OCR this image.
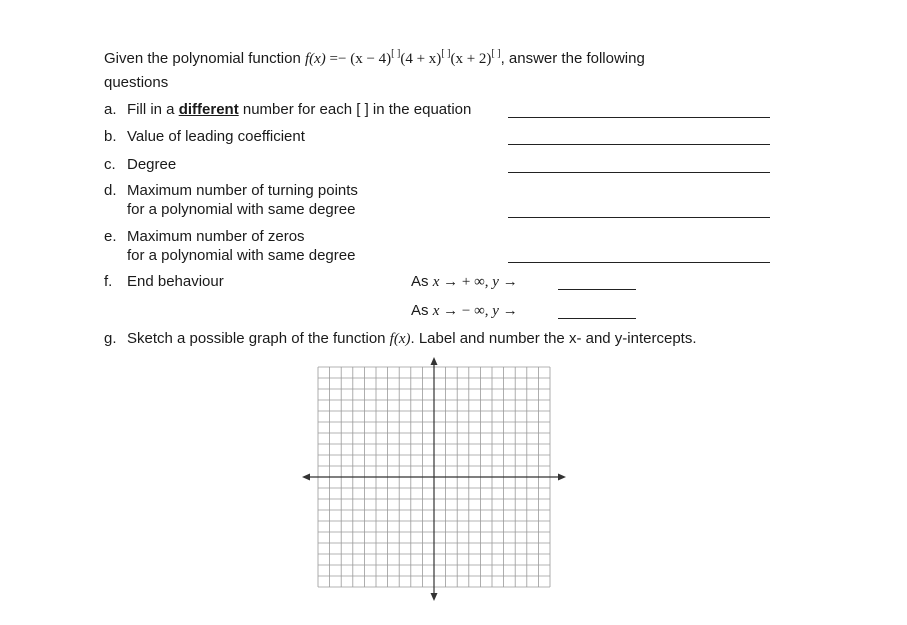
Given the polynomial function f(x) =− (x − 4)[ ](4 + x)[ ](x + 2)[ ], answer the following
questions
a. Fill in a different number for each [ ] in the equation
b. Value of leading coefficient
c. Degree
d. Maximum number of turning points
for a polynomial with same degree
e. Maximum number of zeros
for a polynomial with same degree
f. End behaviour	As x → + ∞, y →
As x → − ∞, y →
g. Sketch a possible graph of the function f(x). Label and number the x- and y-intercepts.
